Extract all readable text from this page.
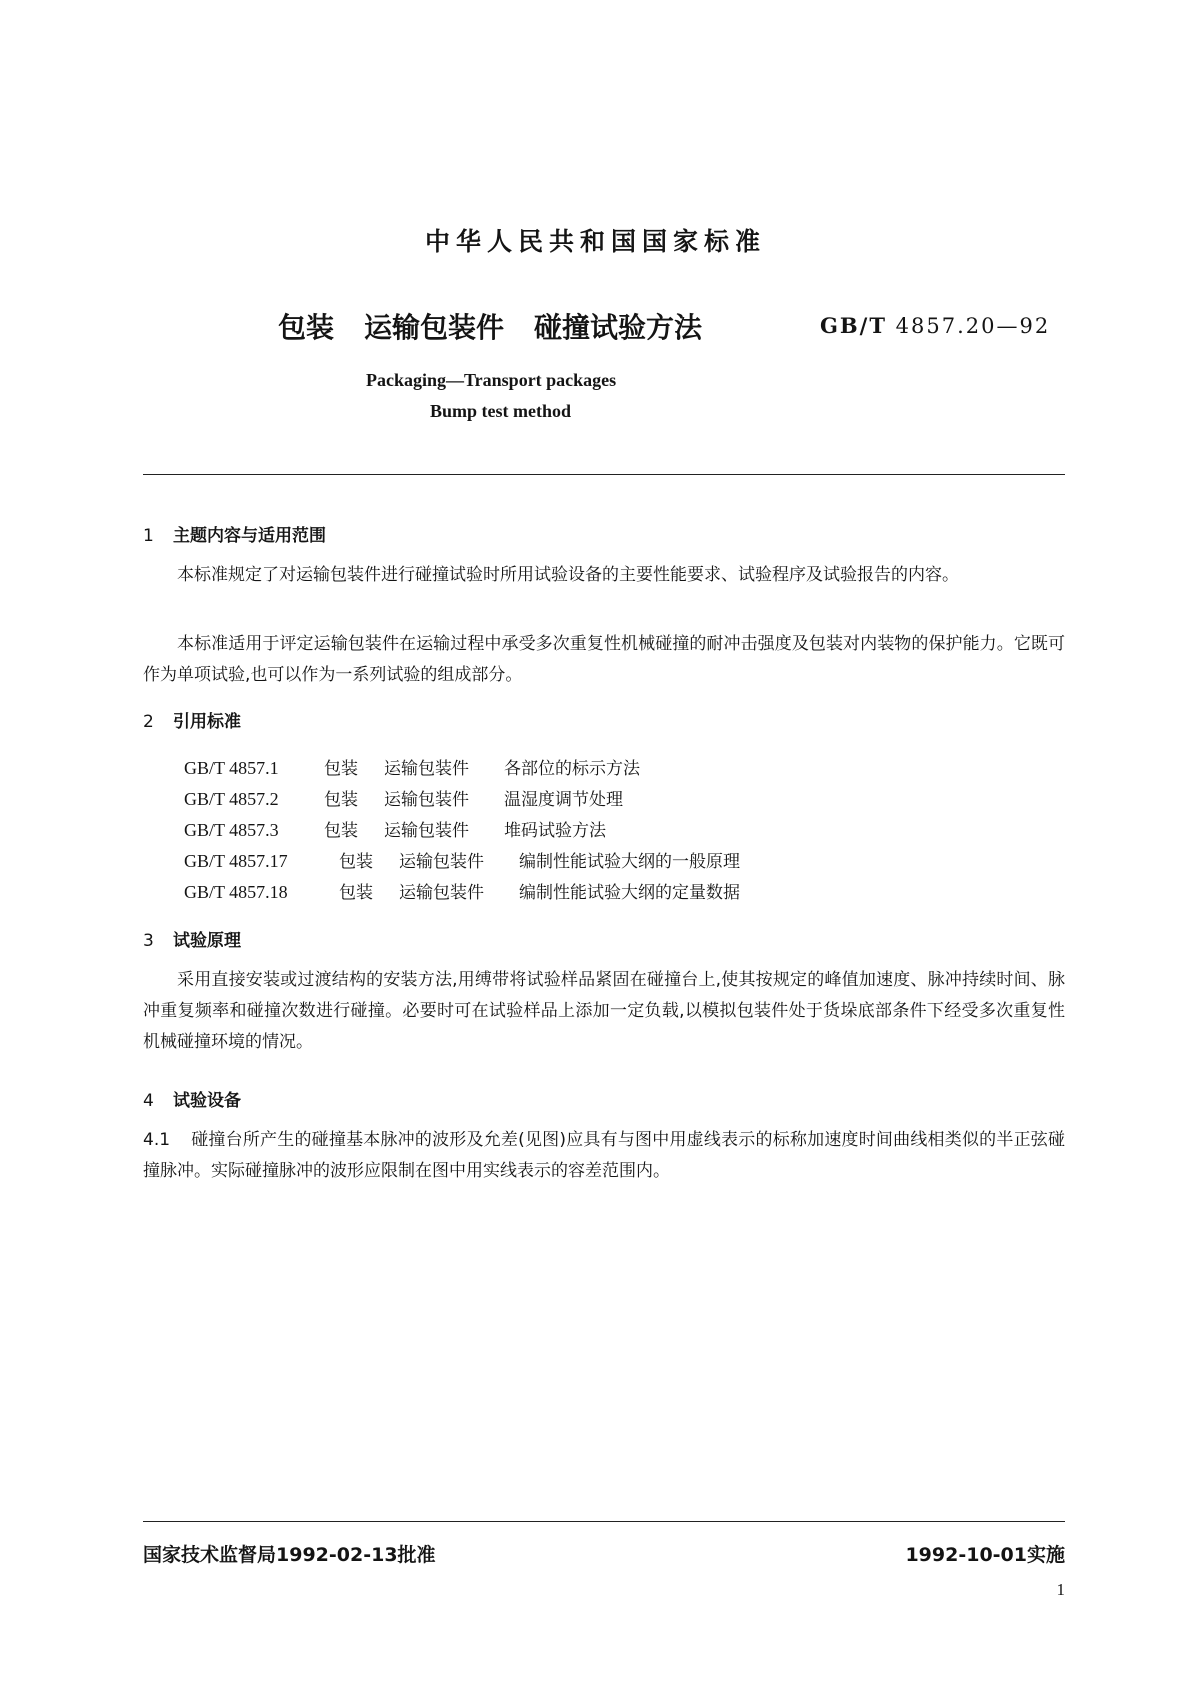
中华人民共和国国家标准
包装 运输包装件 碰撞试验方法	GB/T 4857.20—92
Packaging—Transport packages
Bump test method
1 主题内容与适用范围
本标准规定了对运输包装件进行碰撞试验时所用试验设备的主要性能要求、试验程序及试验报告的内容。
本标准适用于评定运输包装件在运输过程中承受多次重复性机械碰撞的耐冲击强度及包装对内装物的保护能力。它既可作为单项试验,也可以作为一系列试验的组成部分。
2 引用标准
GB/T 4857.1	包装 运输包装件 各部位的标示方法
GB/T 4857.2	包装 运输包装件 温湿度调节处理
GB/T 4857.3	包装 运输包装件 堆码试验方法
GB/T 4857.17	包装 运输包装件 编制性能试验大纲的一般原理
GB/T 4857.18	包装 运输包装件 编制性能试验大纲的定量数据
3 试验原理
采用直接安装或过渡结构的安装方法,用缚带将试验样品紧固在碰撞台上,使其按规定的峰值加速度、脉冲持续时间、脉冲重复频率和碰撞次数进行碰撞。必要时可在试验样品上添加一定负载,以模拟包装件处于货垛底部条件下经受多次重复性机械碰撞环境的情况。
4 试验设备
4.1 碰撞台所产生的碰撞基本脉冲的波形及允差(见图)应具有与图中用虚线表示的标称加速度时间曲线相类似的半正弦碰撞脉冲。实际碰撞脉冲的波形应限制在图中用实线表示的容差范围内。
国家技术监督局1992-02-13批准	1992-10-01实施
1
